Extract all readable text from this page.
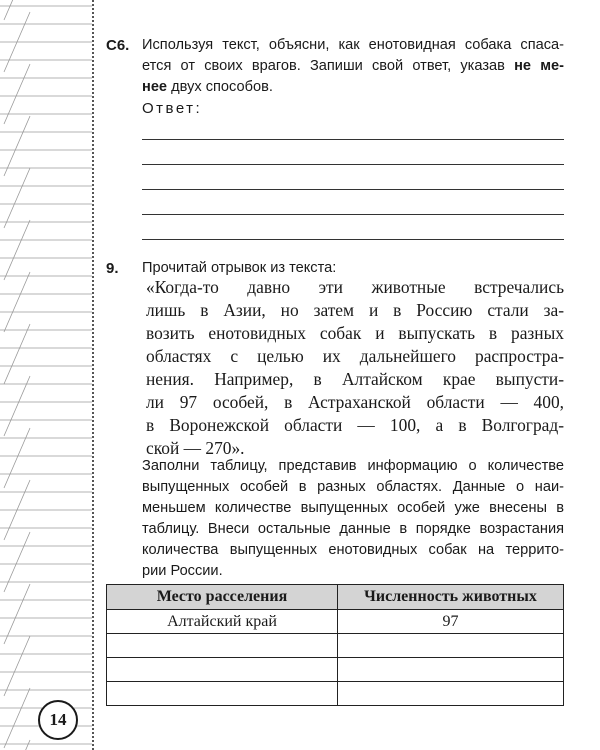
14
С6. Используя текст, объясни, как енотовидная собака спаса-
ется от своих врагов. Запиши свой ответ, указав не ме-
нее двух способов.
Ответ:
9. Прочитай отрывок из текста:
«Когда-то давно эти животные встречались
лишь в Азии, но затем и в Россию стали за-
возить енотовидных собак и выпускать в разных
областях с целью их дальнейшего распростра-
нения. Например, в Алтайском крае выпусти-
ли 97 особей, в Астраханской области — 400,
в Воронежской области — 100, а в Волгоград-
ской — 270».
Заполни таблицу, представив информацию о количестве
выпущенных особей в разных областях. Данные о наи-
меньшем количестве выпущенных особей уже внесены в
таблицу. Внеси остальные данные в порядке возрастания
количества выпущенных енотовидных собак на террито-
рии России.
Место расселения	Численность животных
Алтайский край	97
